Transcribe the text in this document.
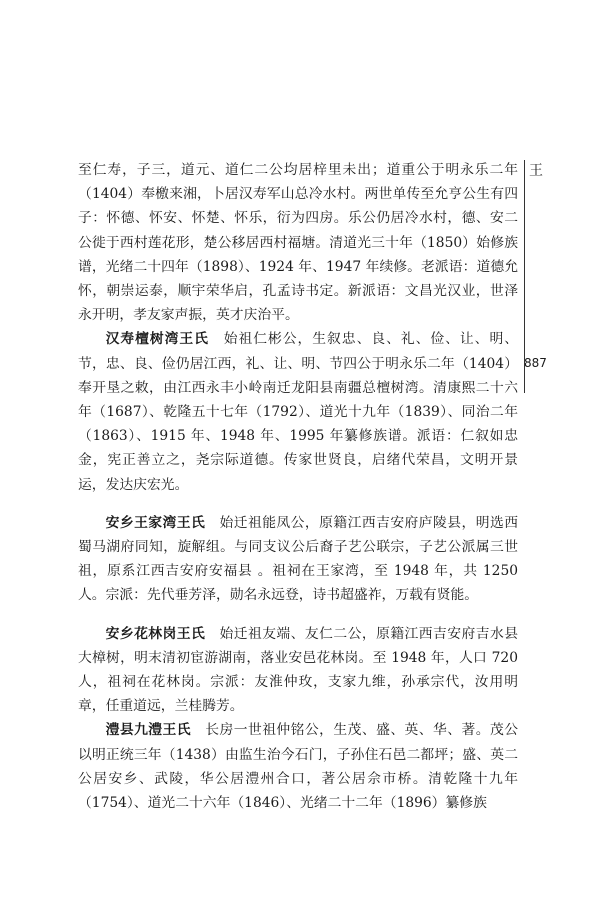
王
887

至仁寿，子三，道元、道仁二公均居梓里未出；道重公于明永乐二年（1404）奉檄来湘，卜居汉寿军山总冷水村。两世单传至允亨公生有四子：怀德、怀安、怀楚、怀乐，衍为四房。乐公仍居冷水村，德、安二公徙于西村莲花形，楚公移居西村福塘。清道光三十年（1850）始修族谱，光绪二十四年（1898）、1924 年、1947 年续修。老派语：道德允怀，朝崇运泰，顺宇荣华启，孔孟诗书定。新派语：文昌光汉业，世泽永开明，孝友家声振，英才庆治平。

汉寿檀树湾王氏　始祖仁彬公，生叙忠、良、礼、俭、让、明、节，忠、良、俭仍居江西，礼、让、明、节四公于明永乐二年（1404）奉开垦之敕，由江西永丰小岭南迁龙阳县南疆总檀树湾。清康熙二十六年（1687）、乾隆五十七年（1792）、道光十九年（1839）、同治二年（1863）、1915 年、1948 年、1995 年纂修族谱。派语：仁叙如忠金，宪正善立之，尧宗际道德。传家世贤良，启绪代荣昌，文明开景运，发达庆宏光。

安乡王家湾王氏　始迁祖能凤公，原籍江西吉安府庐陵县，明选西蜀马湖府同知，旋解组。与同支议公后裔子艺公联宗，子艺公派属三世祖，原系江西吉安府安福县 。祖祠在王家湾，至 1948 年，共 1250 人。宗派：先代垂芳泽，勋名永远登，诗书超盛祚，万载有贤能。

安乡花林岗王氏　始迁祖友端、友仁二公，原籍江西吉安府吉水县大樟树，明末清初宦游湖南，落业安邑花林岗。至 1948 年，人口 720 人，祖祠在花林岗。宗派：友淮仲玫，支家九维，孙承宗代，汝用明章，任重道远，兰桂腾芳。

澧县九澧王氏　长房一世祖仲铭公，生茂、盛、英、华、著。茂公以明正统三年（1438）由监生治今石门，子孙住石邑二都坪；盛、英二公居安乡、武陵，华公居澧州合口，著公居佘市桥。清乾隆十九年（1754）、道光二十六年（1846）、光绪二十二年（1896）纂修族
